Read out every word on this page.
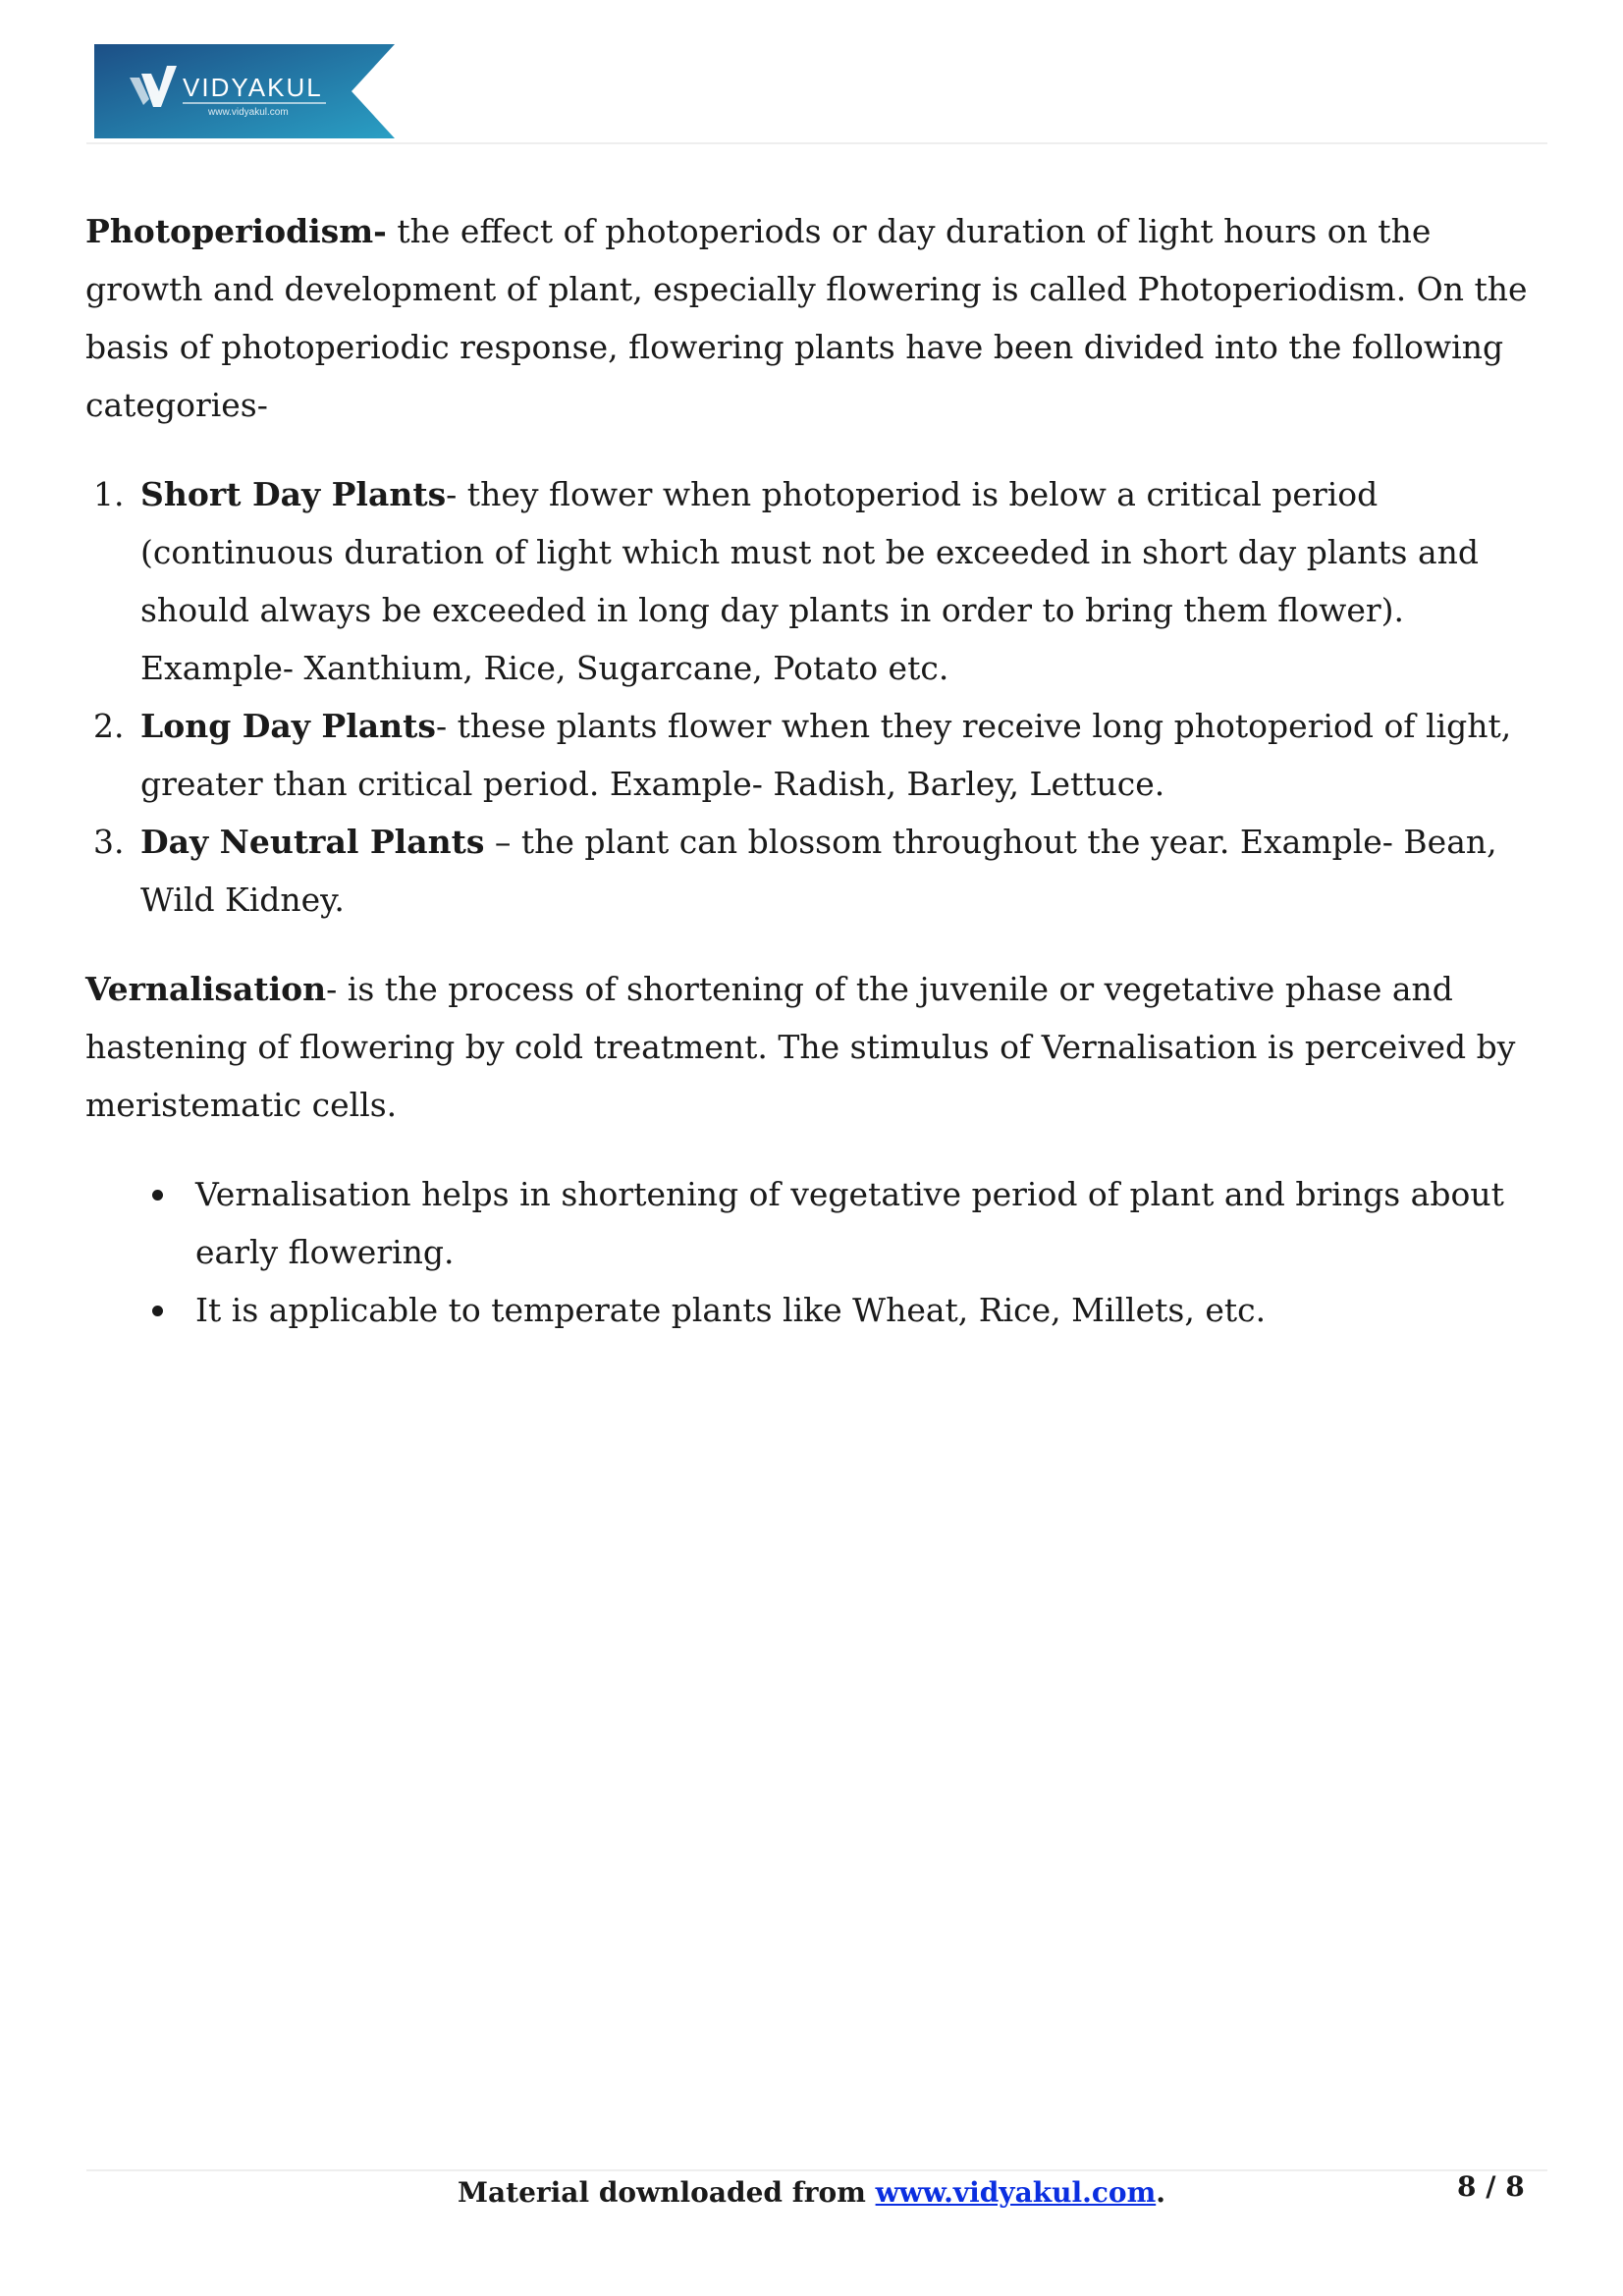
VIDYAKUL
www.vidyakul.com

Photoperiodism- the effect of photoperiods or day duration of light hours on the growth and development of plant, especially flowering is called Photoperiodism. On the basis of photoperiodic response, flowering plants have been divided into the following categories-

1. Short Day Plants- they flower when photoperiod is below a critical period (continuous duration of light which must not be exceeded in short day plants and should always be exceeded in long day plants in order to bring them flower). Example- Xanthium, Rice, Sugarcane, Potato etc.
2. Long Day Plants- these plants flower when they receive long photoperiod of light, greater than critical period. Example- Radish, Barley, Lettuce.
3. Day Neutral Plants – the plant can blossom throughout the year. Example- Bean, Wild Kidney.

Vernalisation- is the process of shortening of the juvenile or vegetative phase and hastening of flowering by cold treatment. The stimulus of Vernalisation is perceived by meristematic cells.

Vernalisation helps in shortening of vegetative period of plant and brings about early flowering.
It is applicable to temperate plants like Wheat, Rice, Millets, etc.
Material downloaded from www.vidyakul.com.	8 / 8
